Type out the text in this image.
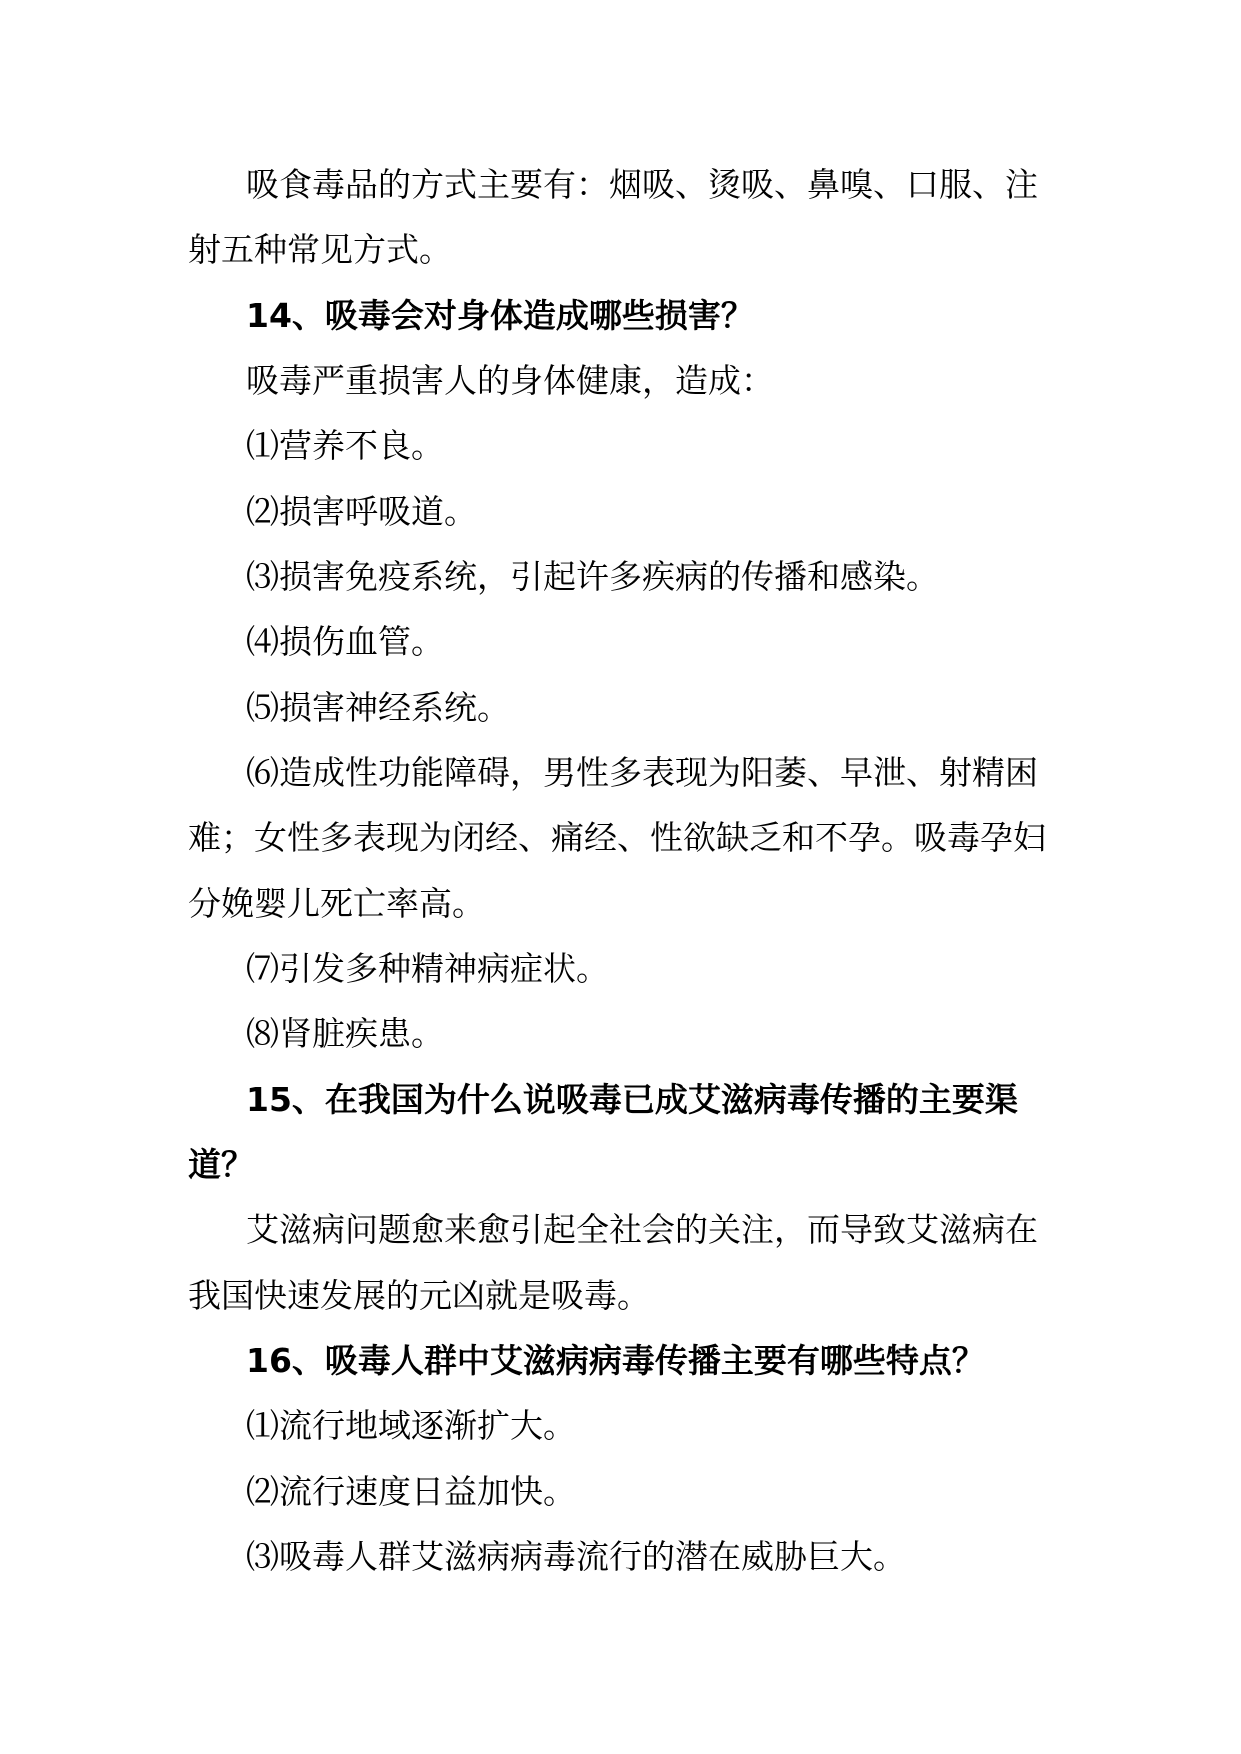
吸食毒品的方式主要有：烟吸、烫吸、鼻嗅、口服、注
射五种常见方式。
14、吸毒会对身体造成哪些损害？
吸毒严重损害人的身体健康，造成：
⑴营养不良。
⑵损害呼吸道。
⑶损害免疫系统，引起许多疾病的传播和感染。
⑷损伤血管。
⑸损害神经系统。
⑹造成性功能障碍，男性多表现为阳萎、早泄、射精困
难；女性多表现为闭经、痛经、性欲缺乏和不孕。吸毒孕妇
分娩婴儿死亡率高。
⑺引发多种精神病症状。
⑻肾脏疾患。
15、在我国为什么说吸毒已成艾滋病毒传播的主要渠
道？
艾滋病问题愈来愈引起全社会的关注，而导致艾滋病在
我国快速发展的元凶就是吸毒。
16、吸毒人群中艾滋病病毒传播主要有哪些特点？
⑴流行地域逐渐扩大。
⑵流行速度日益加快。
⑶吸毒人群艾滋病病毒流行的潜在威胁巨大。
